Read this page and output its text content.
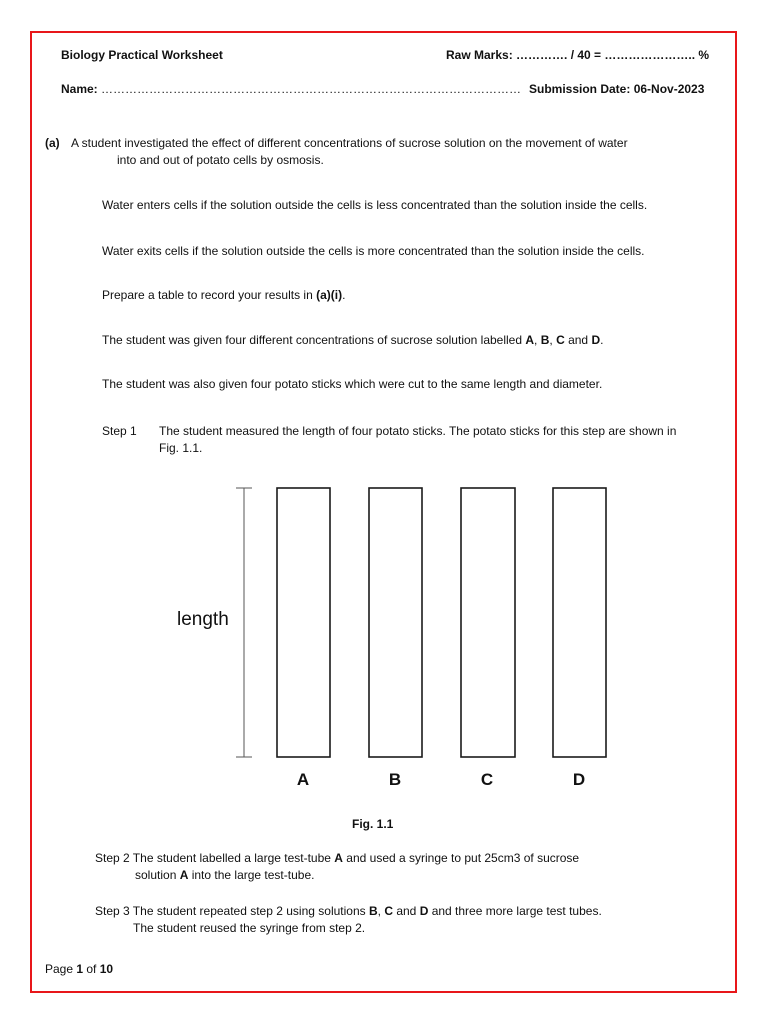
Biology Practical Worksheet	Raw Marks: …………. / 40 = ………………….. %
Name: …………………………………………………………………………………………… Submission Date: 06-Nov-2023
(a) A student investigated the effect of different concentrations of sucrose solution on the movement of water
into and out of potato cells by osmosis.
Water enters cells if the solution outside the cells is less concentrated than the solution inside the cells.
Water exits cells if the solution outside the cells is more concentrated than the solution inside the cells.
Prepare a table to record your results in (a)(i).
The student was given four different concentrations of sucrose solution labelled A, B, C and D.
The student was also given four potato sticks which were cut to the same length and diameter.
Step 1 The student measured the length of four potato sticks. The potato sticks for this step are shown in
Fig. 1.1.
length
A	B	C	D
Fig. 1.1
Step 2 The student labelled a large test-tube A and used a syringe to put 25cm3 of sucrose
solution A into the large test-tube.
Step 3 The student repeated step 2 using solutions B, C and D and three more large test tubes.
The student reused the syringe from step 2.
Page 1 of 10
